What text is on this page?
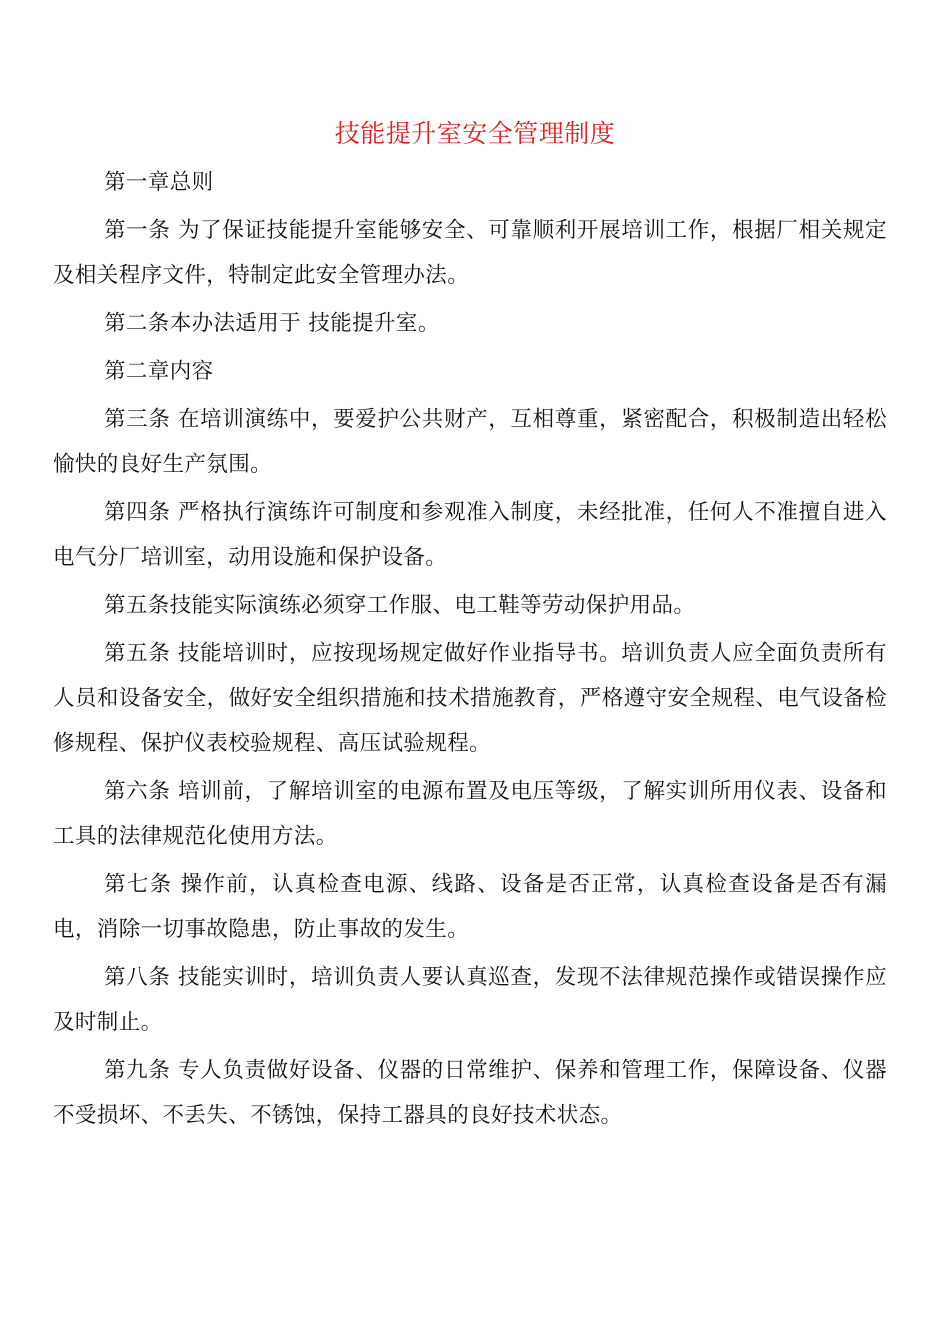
技能提升室安全管理制度

第一章总则

第一条 为了保证技能提升室能够安全、可靠顺利开展培训工作，根据厂相关规定及相关程序文件，特制定此安全管理办法。

第二条本办法适用于 技能提升室。

第二章内容

第三条 在培训演练中，要爱护公共财产，互相尊重，紧密配合，积极制造出轻松愉快的良好生产氛围。

第四条 严格执行演练许可制度和参观准入制度，未经批准，任何人不准擅自进入电气分厂培训室，动用设施和保护设备。

第五条技能实际演练必须穿工作服、电工鞋等劳动保护用品。

第五条 技能培训时，应按现场规定做好作业指导书。培训负责人应全面负责所有人员和设备安全，做好安全组织措施和技术措施教育，严格遵守安全规程、电气设备检修规程、保护仪表校验规程、高压试验规程。

第六条 培训前，了解培训室的电源布置及电压等级，了解实训所用仪表、设备和工具的法律规范化使用方法。

第七条 操作前，认真检查电源、线路、设备是否正常，认真检查设备是否有漏电，消除一切事故隐患，防止事故的发生。

第八条 技能实训时，培训负责人要认真巡查，发现不法律规范操作或错误操作应及时制止。

第九条 专人负责做好设备、仪器的日常维护、保养和管理工作，保障设备、仪器不受损坏、不丢失、不锈蚀，保持工器具的良好技术状态。
